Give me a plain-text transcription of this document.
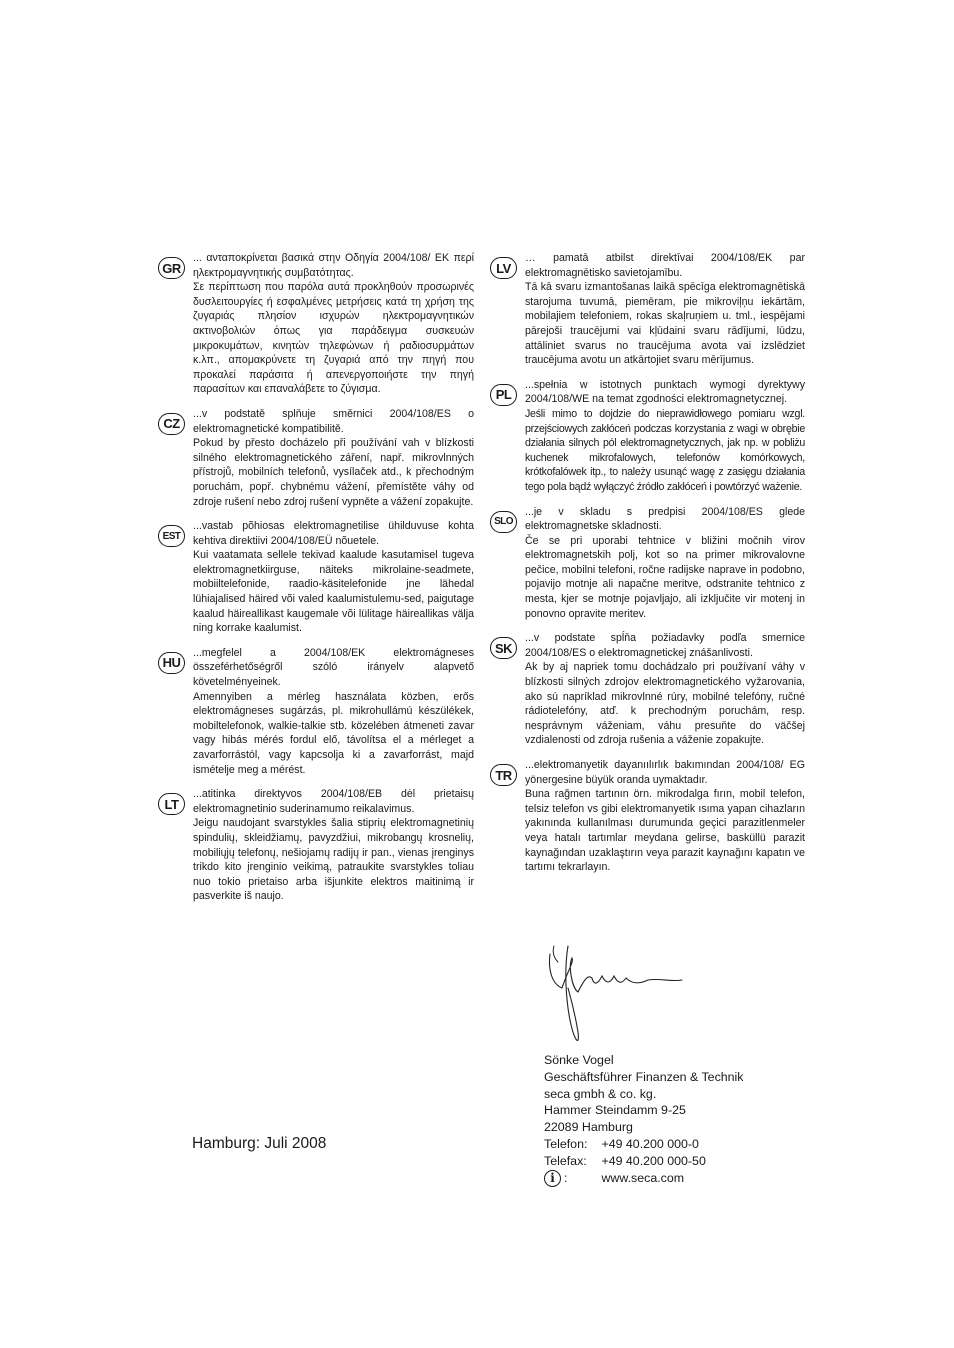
GR

... ανταποκρίνεται βασικά στην Οδηγία 2004/108/ ΕΚ περί ηλεκτρομαγνητικής συμβατότητας.

Σε περίπτωση που παρόλα αυτά προκληθούν προσωρινές δυσλειτουργίες ή εσφαλμένες μετρήσεις κατά τη χρήση της ζυγαριάς πλησίον ισχυρών ηλεκτρομαγνητικών ακτινοβολιών όπως για παράδειγμα συσκευών μικροκυμάτων, κινητών τηλεφώνων ή ραδιοσυρμάτων κ.λπ., απομακρύνετε τη ζυγαριά από την πηγή που προκαλεί παράσιτα ή απενεργοποιήστε την πηγή παρασίτων και επαναλάβετε το ζύγισμα.

CZ

...v podstatě splňuje směrnici 2004/108/ES o elektromagnetické kompatibilitě.

Pokud by přesto docházelo při používání vah v blízkosti silného elektromagnetického záření, např. mikrovlnných přístrojů, mobilních telefonů, vysílaček atd., k přechodným poruchám, popř. chybnému vážení, přemístěte váhy od zdroje rušení nebo zdroj rušení vypněte a vážení zopakujte.

EST

...vastab põhiosas elektromagnetilise ühilduvuse kohta kehtiva direktiivi 2004/108/EÜ nõuetele.

Kui vaatamata sellele tekivad kaalude kasutamisel tugeva elektromagnetkiirguse, näiteks mikrolaine-seadmete, mobiiltelefonide, raadio-käsitelefonide jne lähedal lühiajalised häired või valed kaalumistulemu-sed, paigutage kaalud häireallikast kaugemale või lülitage häireallikas välja ning korrake kaalumist.

HU

...megfelel a 2004/108/EK elektromágneses összeférhetőségről szóló irányelv alapvető követelményeinek.

Amennyiben a mérleg használata közben, erős elektromágneses sugárzás, pl. mikrohullámú készülékek, mobiltelefonok, walkie-talkie stb. közelében átmeneti zavar vagy hibás mérés fordul elő, távolítsa el a mérleget a zavarforrástól, vagy kapcsolja ki a zavarforrást, majd ismételje meg a mérést.

LT

...atitinka direktyvos 2004/108/EB dėl prietaisų elektromagnetinio suderinamumo reikalavimus.

Jeigu naudojant svarstykles šalia stiprių elektromagnetinių spindulių, skleidžiamų, pavyzdžiui, mikrobangų krosnelių, mobiliųjų telefonų, nešiojamų radijų ir pan., vienas įrenginys trikdo kito įrenginio veikimą, patraukite svarstykles toliau nuo tokio prietaiso arba išjunkite elektros maitinimą ir pasverkite iš naujo.

LV

… pamatā atbilst direktīvai 2004/108/EK par elektromagnētisko savietojamību.

Tā kā svaru izmantošanas laikā spēcīga elektromagnētiskā starojuma tuvumā, piemēram, pie mikroviļņu iekārtām, mobilajiem telefoniem, rokas skaļruņiem u. tml., iespējami pārejoši traucējumi vai kļūdaini svaru rādījumi, lūdzu, attāliniet svarus no traucējuma avota vai izslēdziet traucējuma avotu un atkārtojiet svaru mērījumus.

PL

...spełnia w istotnych punktach wymogi dyrektywy 2004/108/WE na temat zgodności elektromagnetycznej.

Jeśli mimo to dojdzie do nieprawidłowego pomiaru wzgl. przejściowych zakłóceń podczas korzystania z wagi w obrębie działania silnych pól elektromagnetycznych, jak np. w pobliżu kuchenek mikrofalowych, telefonów komórkowych, krótkofalówek itp., to należy usunąć wagę z zasięgu działania tego pola bądź wyłączyć źródło zakłóceń i powtórzyć ważenie.

SLO

...je v skladu s predpisi 2004/108/ES glede elektromagnetske skladnosti.

Če se pri uporabi tehtnice v bližini močnih virov elektromagnetskih polj, kot so na primer mikrovalovne pečice, mobilni telefoni, ročne radijske naprave in podobno, pojavijo motnje ali napačne meritve, odstranite tehtnico z mesta, kjer se motnje pojavljajo, ali izključite vir motenj in ponovno opravite meritev.

SK

...v podstate spĺňa požiadavky podľa smernice 2004/108/ES o elektromagnetickej znášanlivosti.

Ak by aj napriek tomu dochádzalo pri používaní váhy v blízkosti silných zdrojov elektromagnetického vyžarovania, ako sú napríklad mikrovlnné rúry, mobilné telefóny, ručné rádiotelefóny, atď. k prechodným poruchám, resp. nesprávnym váženiam, váhu presuňte do väčšej vzdialenosti od zdroja rušenia a váženie zopakujte.

TR

...elektromanyetik dayanıılırlık bakımından 2004/108/ EG yönergesine büyük oranda uymaktadır.

Buna rağmen tartının örn. mikrodalga fırın, mobil telefon, telsiz telefon vs gibi elektromanyetik ısıma yapan cihazların yakınında kullanılması durumunda geçici parazitlenmeler veya hatalı tartımlar meydana gelirse, basküllü parazit kaynağından uzaklaştırın veya parazit kaynağını kapatın ve tartımı tekrarlayın.

Sönke Vogel
Geschäftsführer Finanzen & Technik
seca gmbh & co. kg.
Hammer Steindamm 9-25
22089 Hamburg
Telefon: +49 40.200 000-0
Telefax: +49 40.200 000-50
i :	www.seca.com
Hamburg: Juli 2008
